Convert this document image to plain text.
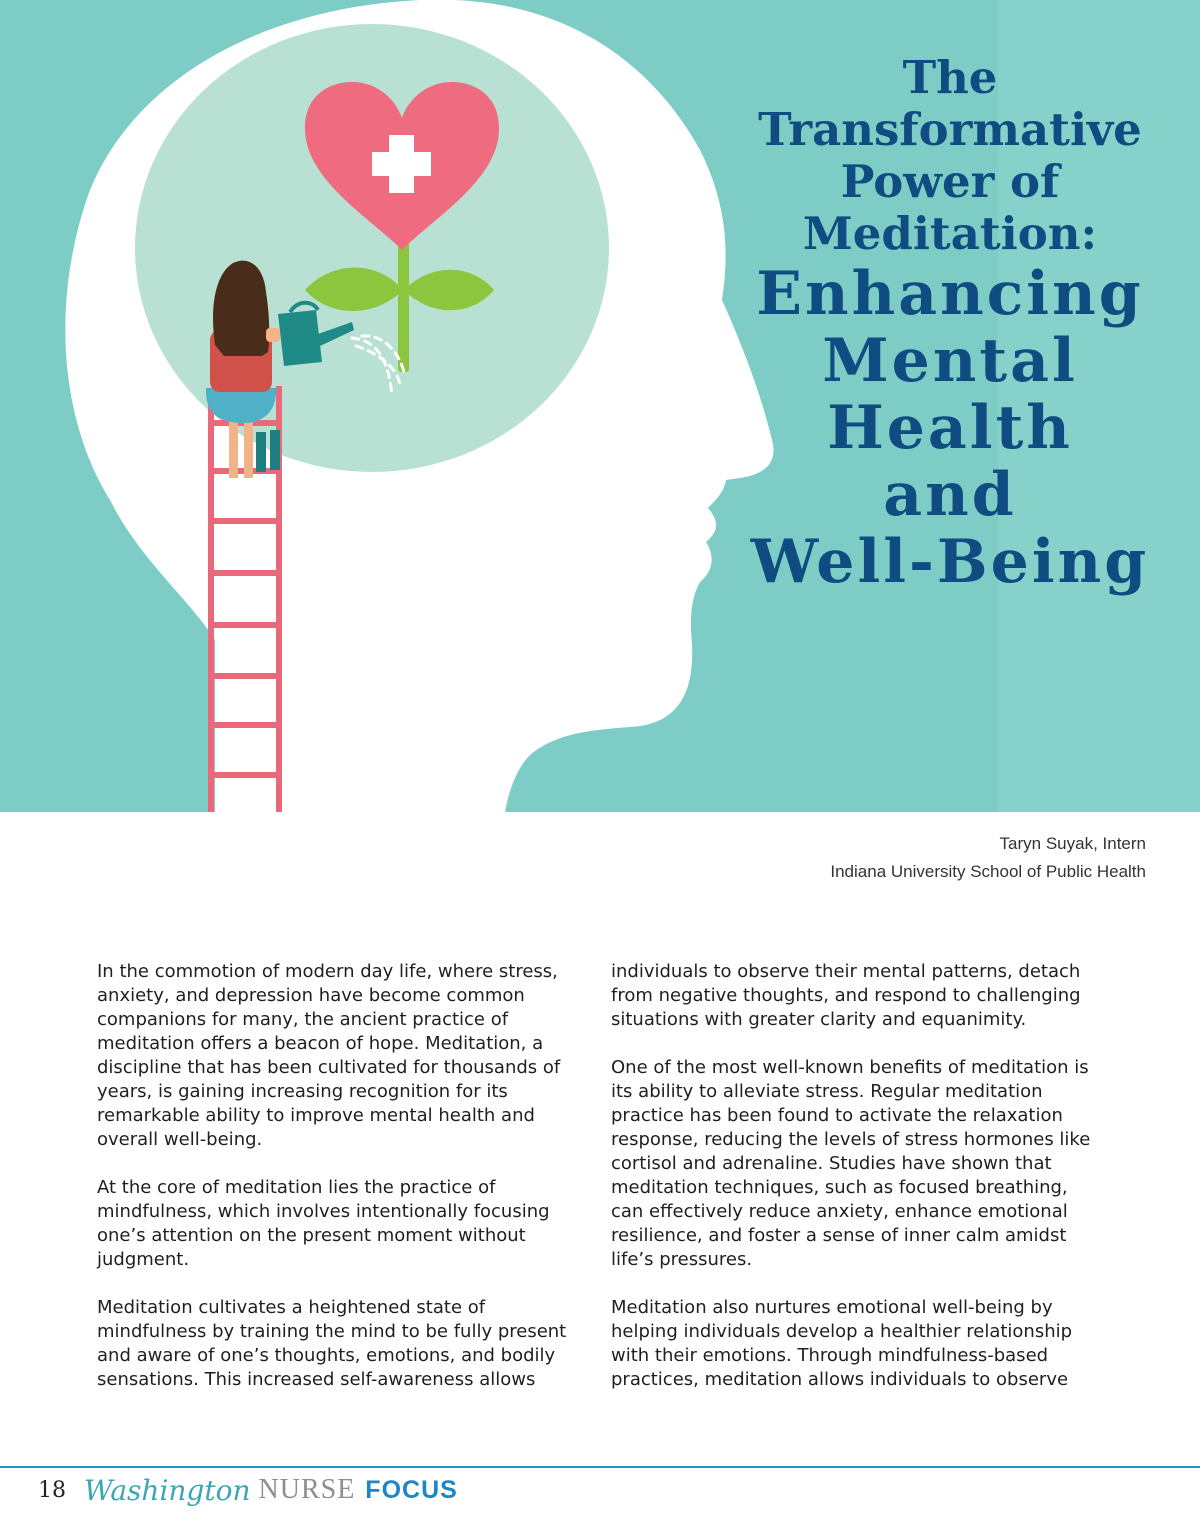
The
Transformative
Power of
Meditation:
Enhancing
Mental
Health
and
Well-Being
Taryn Suyak, Intern
Indiana University School of Public Health

In the commotion of modern day life, where stress, anxiety, and depression have become common companions for many, the ancient practice of meditation offers a beacon of hope. Meditation, a discipline that has been cultivated for thousands of years, is gaining increasing recognition for its remarkable ability to improve mental health and overall well-being.

At the core of meditation lies the practice of mindfulness, which involves intentionally focusing one’s attention on the present moment without judgment.

Meditation cultivates a heightened state of mindfulness by training the mind to be fully present and aware of one’s thoughts, emotions, and bodily sensations. This increased self-awareness allows

individuals to observe their mental patterns, detach from negative thoughts, and respond to challenging situations with greater clarity and equanimity.

One of the most well-known benefits of meditation is its ability to alleviate stress. Regular meditation practice has been found to activate the relaxation response, reducing the levels of stress hormones like cortisol and adrenaline. Studies have shown that meditation techniques, such as focused breathing, can effectively reduce anxiety, enhance emotional resilience, and foster a sense of inner calm amidst life’s pressures.

Meditation also nurtures emotional well-being by helping individuals develop a healthier relationship with their emotions. Through mindfulness-based practices, meditation allows individuals to observe

18 Washington NURSE FOCUS
